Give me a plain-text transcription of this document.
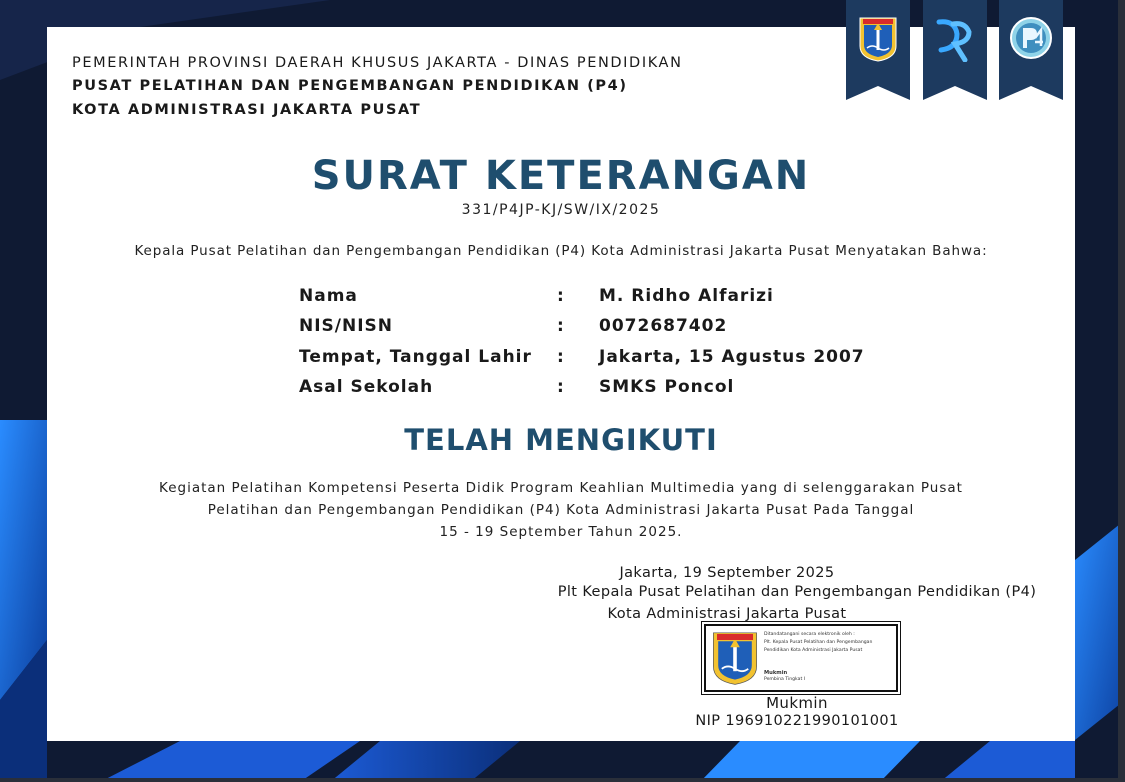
PEMERINTAH PROVINSI DAERAH KHUSUS JAKARTA - DINAS PENDIDIKAN
PUSAT PELATIHAN DAN PENGEMBANGAN PENDIDIKAN (P4)
KOTA ADMINISTRASI JAKARTA PUSAT
SURAT KETERANGAN
331/P4JP-KJ/SW/IX/2025
Kepala Pusat Pelatihan dan Pengembangan Pendidikan (P4) Kota Administrasi Jakarta Pusat Menyatakan Bahwa:
Nama	: M. Ridho Alfarizi
NIS/NISN	: 0072687402
Tempat, Tanggal Lahir : Jakarta, 15 Agustus 2007
Asal Sekolah	: SMKS Poncol
TELAH MENGIKUTI
Kegiatan Pelatihan Kompetensi Peserta Didik Program Keahlian Multimedia yang di selenggarakan Pusat
Pelatihan dan Pengembangan Pendidikan (P4) Kota Administrasi Jakarta Pusat Pada Tanggal
15 - 19 September Tahun 2025.
Jakarta, 19 September 2025
Plt Kepala Pusat Pelatihan dan Pengembangan Pendidikan (P4)
Kota Administrasi Jakarta Pusat
Ditandatangani secara elektronik oleh :
Plt. Kepala Pusat Pelatihan dan Pengembangan
Pendidikan Kota Administrasi Jakarta Pusat
Mukmin
Pembina Tingkat I
Mukmin
NIP 196910221990101001
